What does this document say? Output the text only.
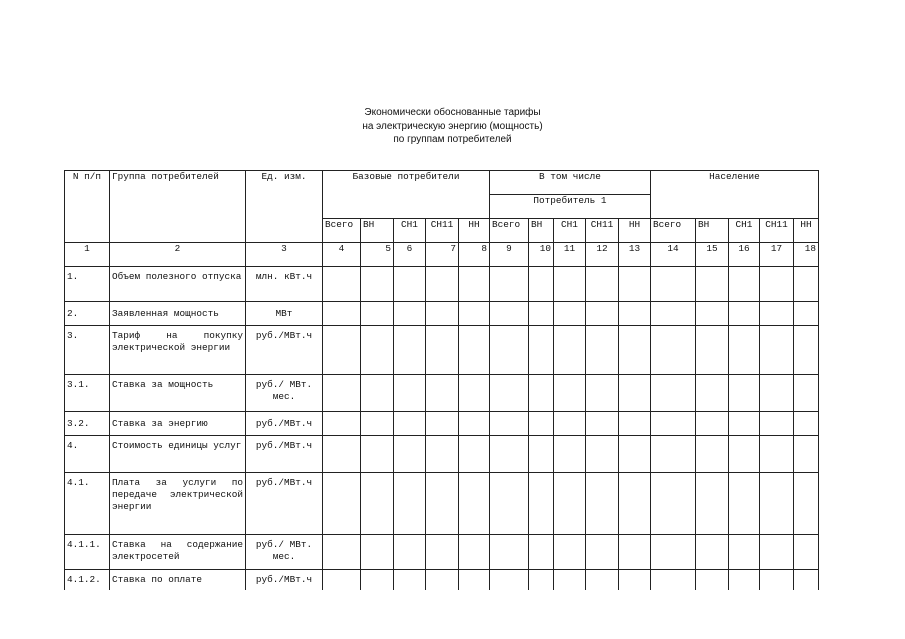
Экономически обоснованные тарифы
на электрическую энергию (мощность)
по группам потребителей
N п/п	Группа потребителей	Ед. изм.	Базовые потребители					В том числе					Население				
								Потребитель 1									
			Всего	ВН	СН1	СН11	НН	Всего	ВН	СН1	СН11	НН	Всего	ВН	СН1	СН11	НН
1	2	3	4	5	6	7	8	9	10	11	12	13	14	15	16	17	18
1.	Объем полезного отпуска	млн. кВт.ч															
2.	Заявленная мощность	МВт															
3.	Тариф на покупку электрической энергии	руб./МВт.ч															
3.1.	Ставка за мощность	руб./ МВт. мес.															
3.2.	Ставка за энергию	руб./МВт.ч															
4.	Стоимость единицы услуг	руб./МВт.ч															
4.1.	Плата за услуги по передаче электрической энергии	руб./МВт.ч															
4.1.1.	Ставка на содержание электросетей	руб./ МВт. мес.															
4.1.2.	Ставка по оплате	руб./МВт.ч															
